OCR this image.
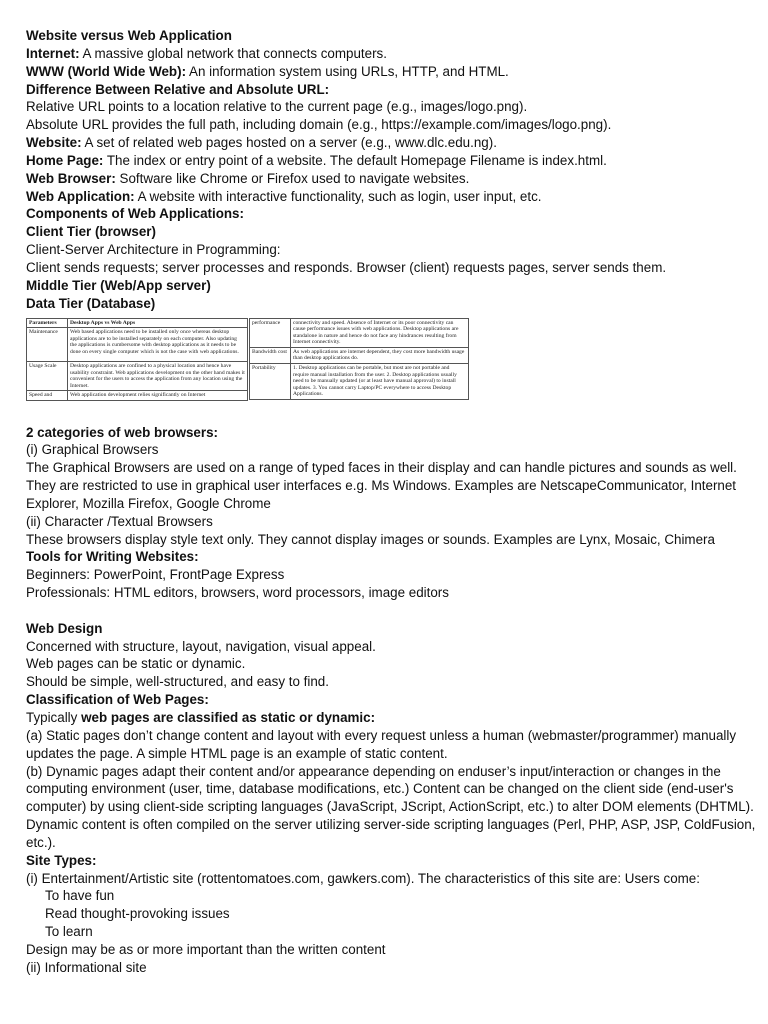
Website versus Web Application
Internet: A massive global network that connects computers.
WWW (World Wide Web): An information system using URLs, HTTP, and HTML.
Difference Between Relative and Absolute URL:
Relative URL points to a location relative to the current page (e.g., images/logo.png).
Absolute URL provides the full path, including domain (e.g., https://example.com/images/logo.png).
Website: A set of related web pages hosted on a server (e.g., www.dlc.edu.ng).
Home Page: The index or entry point of a website. The default Homepage Filename is index.html.
Web Browser: Software like Chrome or Firefox used to navigate websites.
Web Application: A website with interactive functionality, such as login, user input, etc.
Components of Web Applications:
Client Tier (browser)
Client-Server Architecture in Programming:
Client sends requests; server processes and responds. Browser (client) requests pages, server sends them.
Middle Tier (Web/App server)
Data Tier (Database)
Parameters	Desktop Apps vs Web Apps
Maintenance	Web based applications need to be installed only once whereas desktop applications are to be installed separately on each computer. Also updating the applications is cumbersome with desktop applications as it needs to be done on every single computer which is not the case with web applications.
Usage Scale	Desktop applications are confined to a physical location and hence have usability constraint. Web applications development on the other hand makes it convenient for the users to access the application from any location using the Internet.
Speed and	Web application development relies significantly on Internet
performance	connectivity and speed. Absence of Internet or its poor connectivity can cause performance issues with web applications. Desktop applications are standalone in nature and hence do not face any hindrances resulting from Internet connectivity.
Bandwidth cost	As web applications are internet dependent, they cost more bandwidth usage than desktop applications do.
Portability	1. Desktop applications can be portable, but most are not portable and require manual installation from the user. 2. Desktop applications usually need to be manually updated (or at least have manual approval) to install updates. 3. You cannot carry Laptop/PC everywhere to access Desktop Applications.
2 categories of web browsers:
(i) Graphical Browsers
The Graphical Browsers are used on a range of typed faces in their display and can handle pictures and sounds as well. They are restricted to use in graphical user interfaces e.g. Ms Windows. Examples are NetscapeCommunicator, Internet Explorer, Mozilla Firefox, Google Chrome
(ii) Character /Textual Browsers
These browsers display style text only. They cannot display images or sounds. Examples are Lynx, Mosaic, Chimera
Tools for Writing Websites:
Beginners: PowerPoint, FrontPage Express
Professionals: HTML editors, browsers, word processors, image editors
Web Design
Concerned with structure, layout, navigation, visual appeal.
Web pages can be static or dynamic.
Should be simple, well-structured, and easy to find.
Classification of Web Pages:
Typically web pages are classified as static or dynamic:
(a) Static pages don’t change content and layout with every request unless a human (webmaster/programmer) manually updates the page. A simple HTML page is an example of static content.
(b) Dynamic pages adapt their content and/or appearance depending on enduser’s input/interaction or changes in the computing environment (user, time, database modifications, etc.) Content can be changed on the client side (end-user's computer) by using client-side scripting languages (JavaScript, JScript, ActionScript, etc.) to alter DOM elements (DHTML).
Dynamic content is often compiled on the server utilizing server-side scripting languages (Perl, PHP, ASP, JSP, ColdFusion, etc.).
Site Types:
(i) Entertainment/Artistic site (rottentomatoes.com, gawkers.com). The characteristics of this site are: Users come:
To have fun
Read thought-provoking issues
To learn
Design may be as or more important than the written content
(ii) Informational site
